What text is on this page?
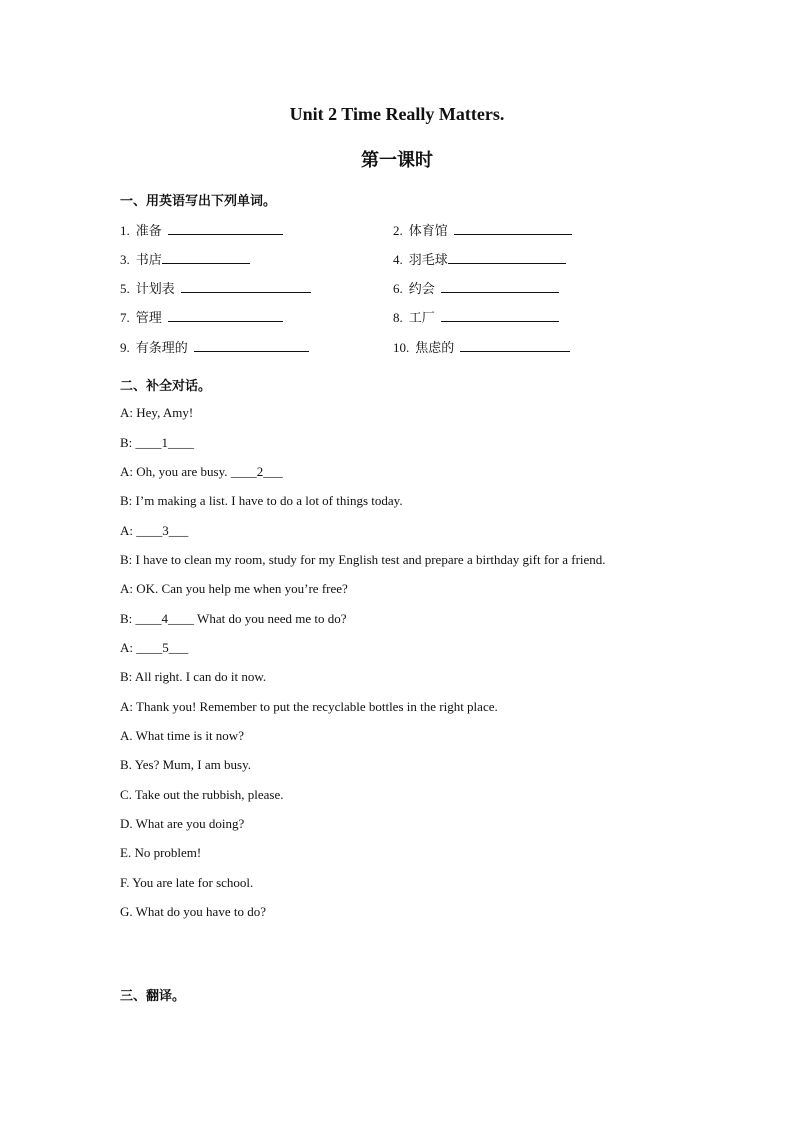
Unit 2 Time Really Matters.
第一课时
一、用英语写出下列单词。
1. 准备	2. 体育馆
3. 书店	4. 羽毛球
5. 计划表	6. 约会
7. 管理	8. 工厂
9. 有条理的	10. 焦虑的
二、补全对话。
A: Hey, Amy!
B: ____1____
A: Oh, you are busy. ____2___
B: I’m making a list. I have to do a lot of things today.
A: ____3___
B: I have to clean my room, study for my English test and prepare a birthday gift for a friend.
A: OK. Can you help me when you’re free?
B: ____4____ What do you need me to do?
A: ____5___
B: All right. I can do it now.
A: Thank you! Remember to put the recyclable bottles in the right place.
A. What time is it now?
B. Yes? Mum, I am busy.
C. Take out the rubbish, please.
D. What are you doing?
E. No problem!
F. You are late for school.
G. What do you have to do?
三、翻译。
